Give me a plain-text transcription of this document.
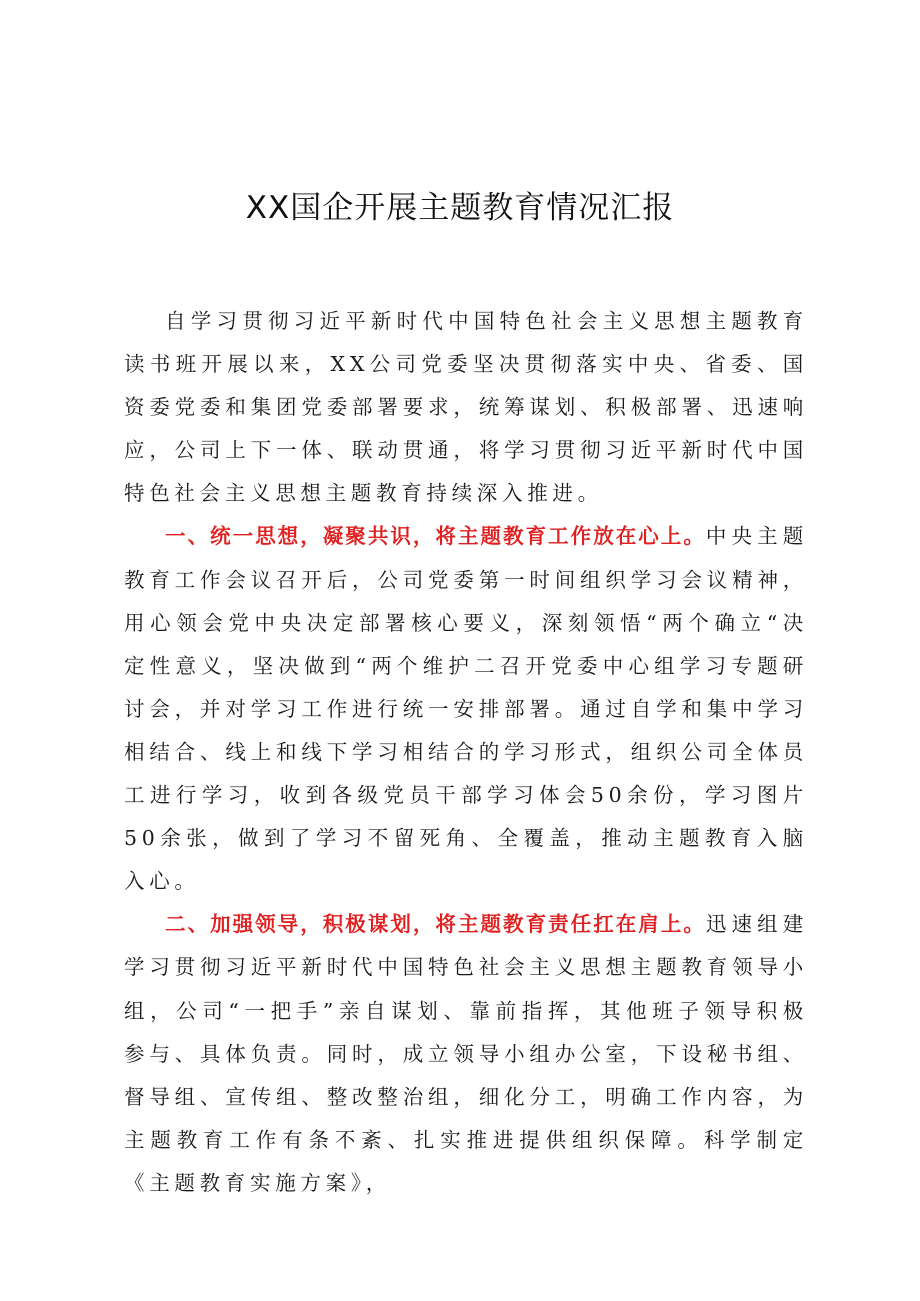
XX国企开展主题教育情况汇报

自学习贯彻习近平新时代中国特色社会主义思想主题教育读书班开展以来，XX公司党委坚决贯彻落实中央、省委、国资委党委和集团党委部署要求，统筹谋划、积极部署、迅速响应，公司上下一体、联动贯通，将学习贯彻习近平新时代中国特色社会主义思想主题教育持续深入推进。

一、统一思想，凝聚共识，将主题教育工作放在心上。中央主题教育工作会议召开后，公司党委第一时间组织学习会议精神，用心领会党中央决定部署核心要义，深刻领悟“两个确立“决定性意义，坚决做到“两个维护二召开党委中心组学习专题研讨会，并对学习工作进行统一安排部署。通过自学和集中学习相结合、线上和线下学习相结合的学习形式，组织公司全体员工进行学习，收到各级党员干部学习体会50余份，学习图片50余张，做到了学习不留死角、全覆盖，推动主题教育入脑入心。

二、加强领导，积极谋划，将主题教育责任扛在肩上。迅速组建学习贯彻习近平新时代中国特色社会主义思想主题教育领导小组，公司“一把手”亲自谋划、靠前指挥，其他班子领导积极参与、具体负责。同时，成立领导小组办公室，下设秘书组、督导组、宣传组、整改整治组，细化分工，明确工作内容，为主题教育工作有条不紊、扎实推进提供组织保障。科学制定《主题教育实施方案》，
